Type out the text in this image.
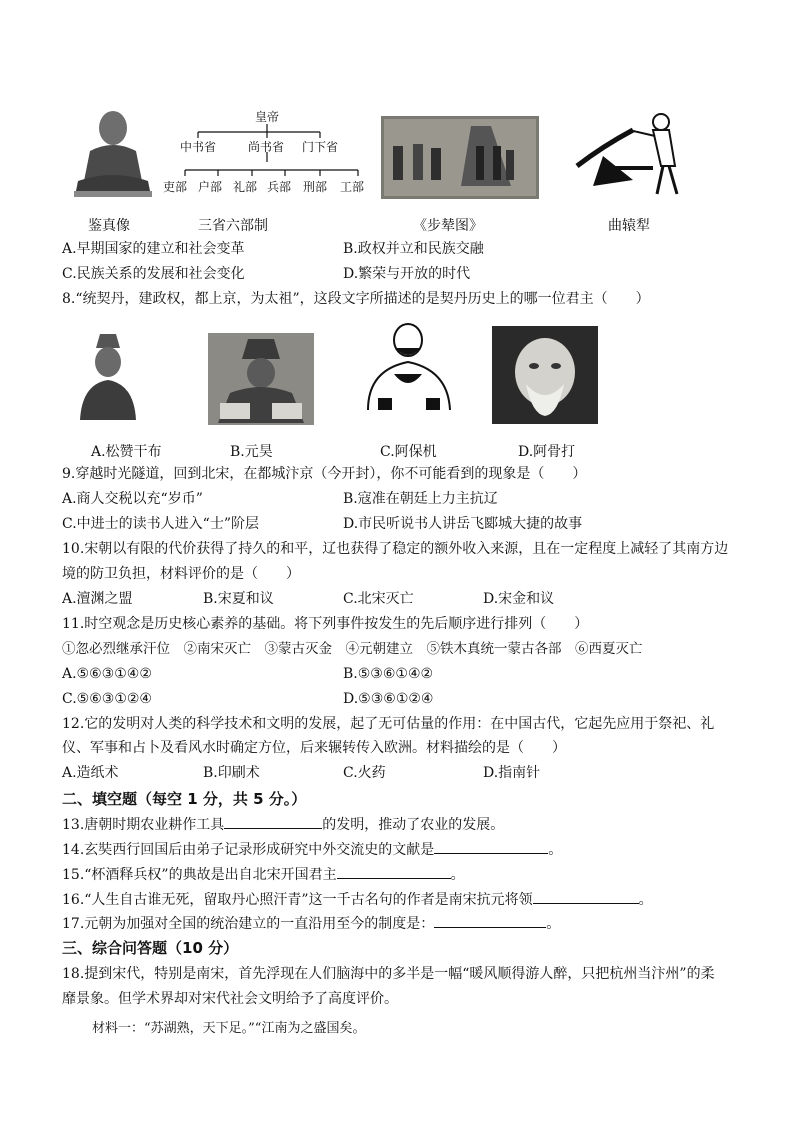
皇帝
中书省	尚书省 门下省
吏部 户部 礼部 兵部 刑部 工部
鉴真像	三省六部制	《步辇图》	曲辕犁
A.早期国家的建立和社会变革	B.政权并立和民族交融
C.民族关系的发展和社会变化	D.繁荣与开放的时代
8.“统契丹，建政权，都上京，为太祖”，这段文字所描述的是契丹历史上的哪一位君主（　　）
A.松赞干布	B.元昊	C.阿保机	D.阿骨打
9.穿越时光隧道，回到北宋，在都城汴京（今开封），你不可能看到的现象是（　　）
A.商人交税以充“岁币”	B.寇准在朝廷上力主抗辽
C.中进士的读书人进入“士”阶层	D.市民听说书人讲岳飞郾城大捷的故事
10.宋朝以有限的代价获得了持久的和平，辽也获得了稳定的额外收入来源，且在一定程度上减轻了其南方边
境的防卫负担，材料评价的是（　　）
A.澶渊之盟	B.宋夏和议	C.北宋灭亡	D.宋金和议
11.时空观念是历史核心素养的基础。将下列事件按发生的先后顺序进行排列（　　）
①忽必烈继承汗位　②南宋灭亡　③蒙古灭金　④元朝建立　⑤铁木真统一蒙古各部　⑥西夏灭亡
A.⑤⑥③①④②	B.⑤③⑥①④②
C.⑤⑥③①②④	D.⑤③⑥①②④
12.它的发明对人类的科学技术和文明的发展，起了无可估量的作用：在中国古代，它起先应用于祭祀、礼
仪、军事和占卜及看风水时确定方位，后来辗转传入欧洲。材料描绘的是（　　）
A.造纸术	B.印刷术	C.火药	D.指南针
二、填空题（每空 1 分，共 5 分。）
13.唐朝时期农业耕作工具	的发明，推动了农业的发展。
14.玄奘西行回国后由弟子记录形成研究中外交流史的文献是	。
15.“杯酒释兵权”的典故是出自北宋开国君主	。
16.“人生自古谁无死，留取丹心照汗青”这一千古名句的作者是南宋抗元将领	。
17.元朝为加强对全国的统治建立的一直沿用至今的制度是：	。
三、综合问答题（10 分）
18.提到宋代，特别是南宋，首先浮现在人们脑海中的多半是一幅“暖风顺得游人醉，只把杭州当汴州”的柔
靡景象。但学术界却对宋代社会文明给予了高度评价。
材料一：“苏湖熟，天下足。”“江南为之盛国矣。
